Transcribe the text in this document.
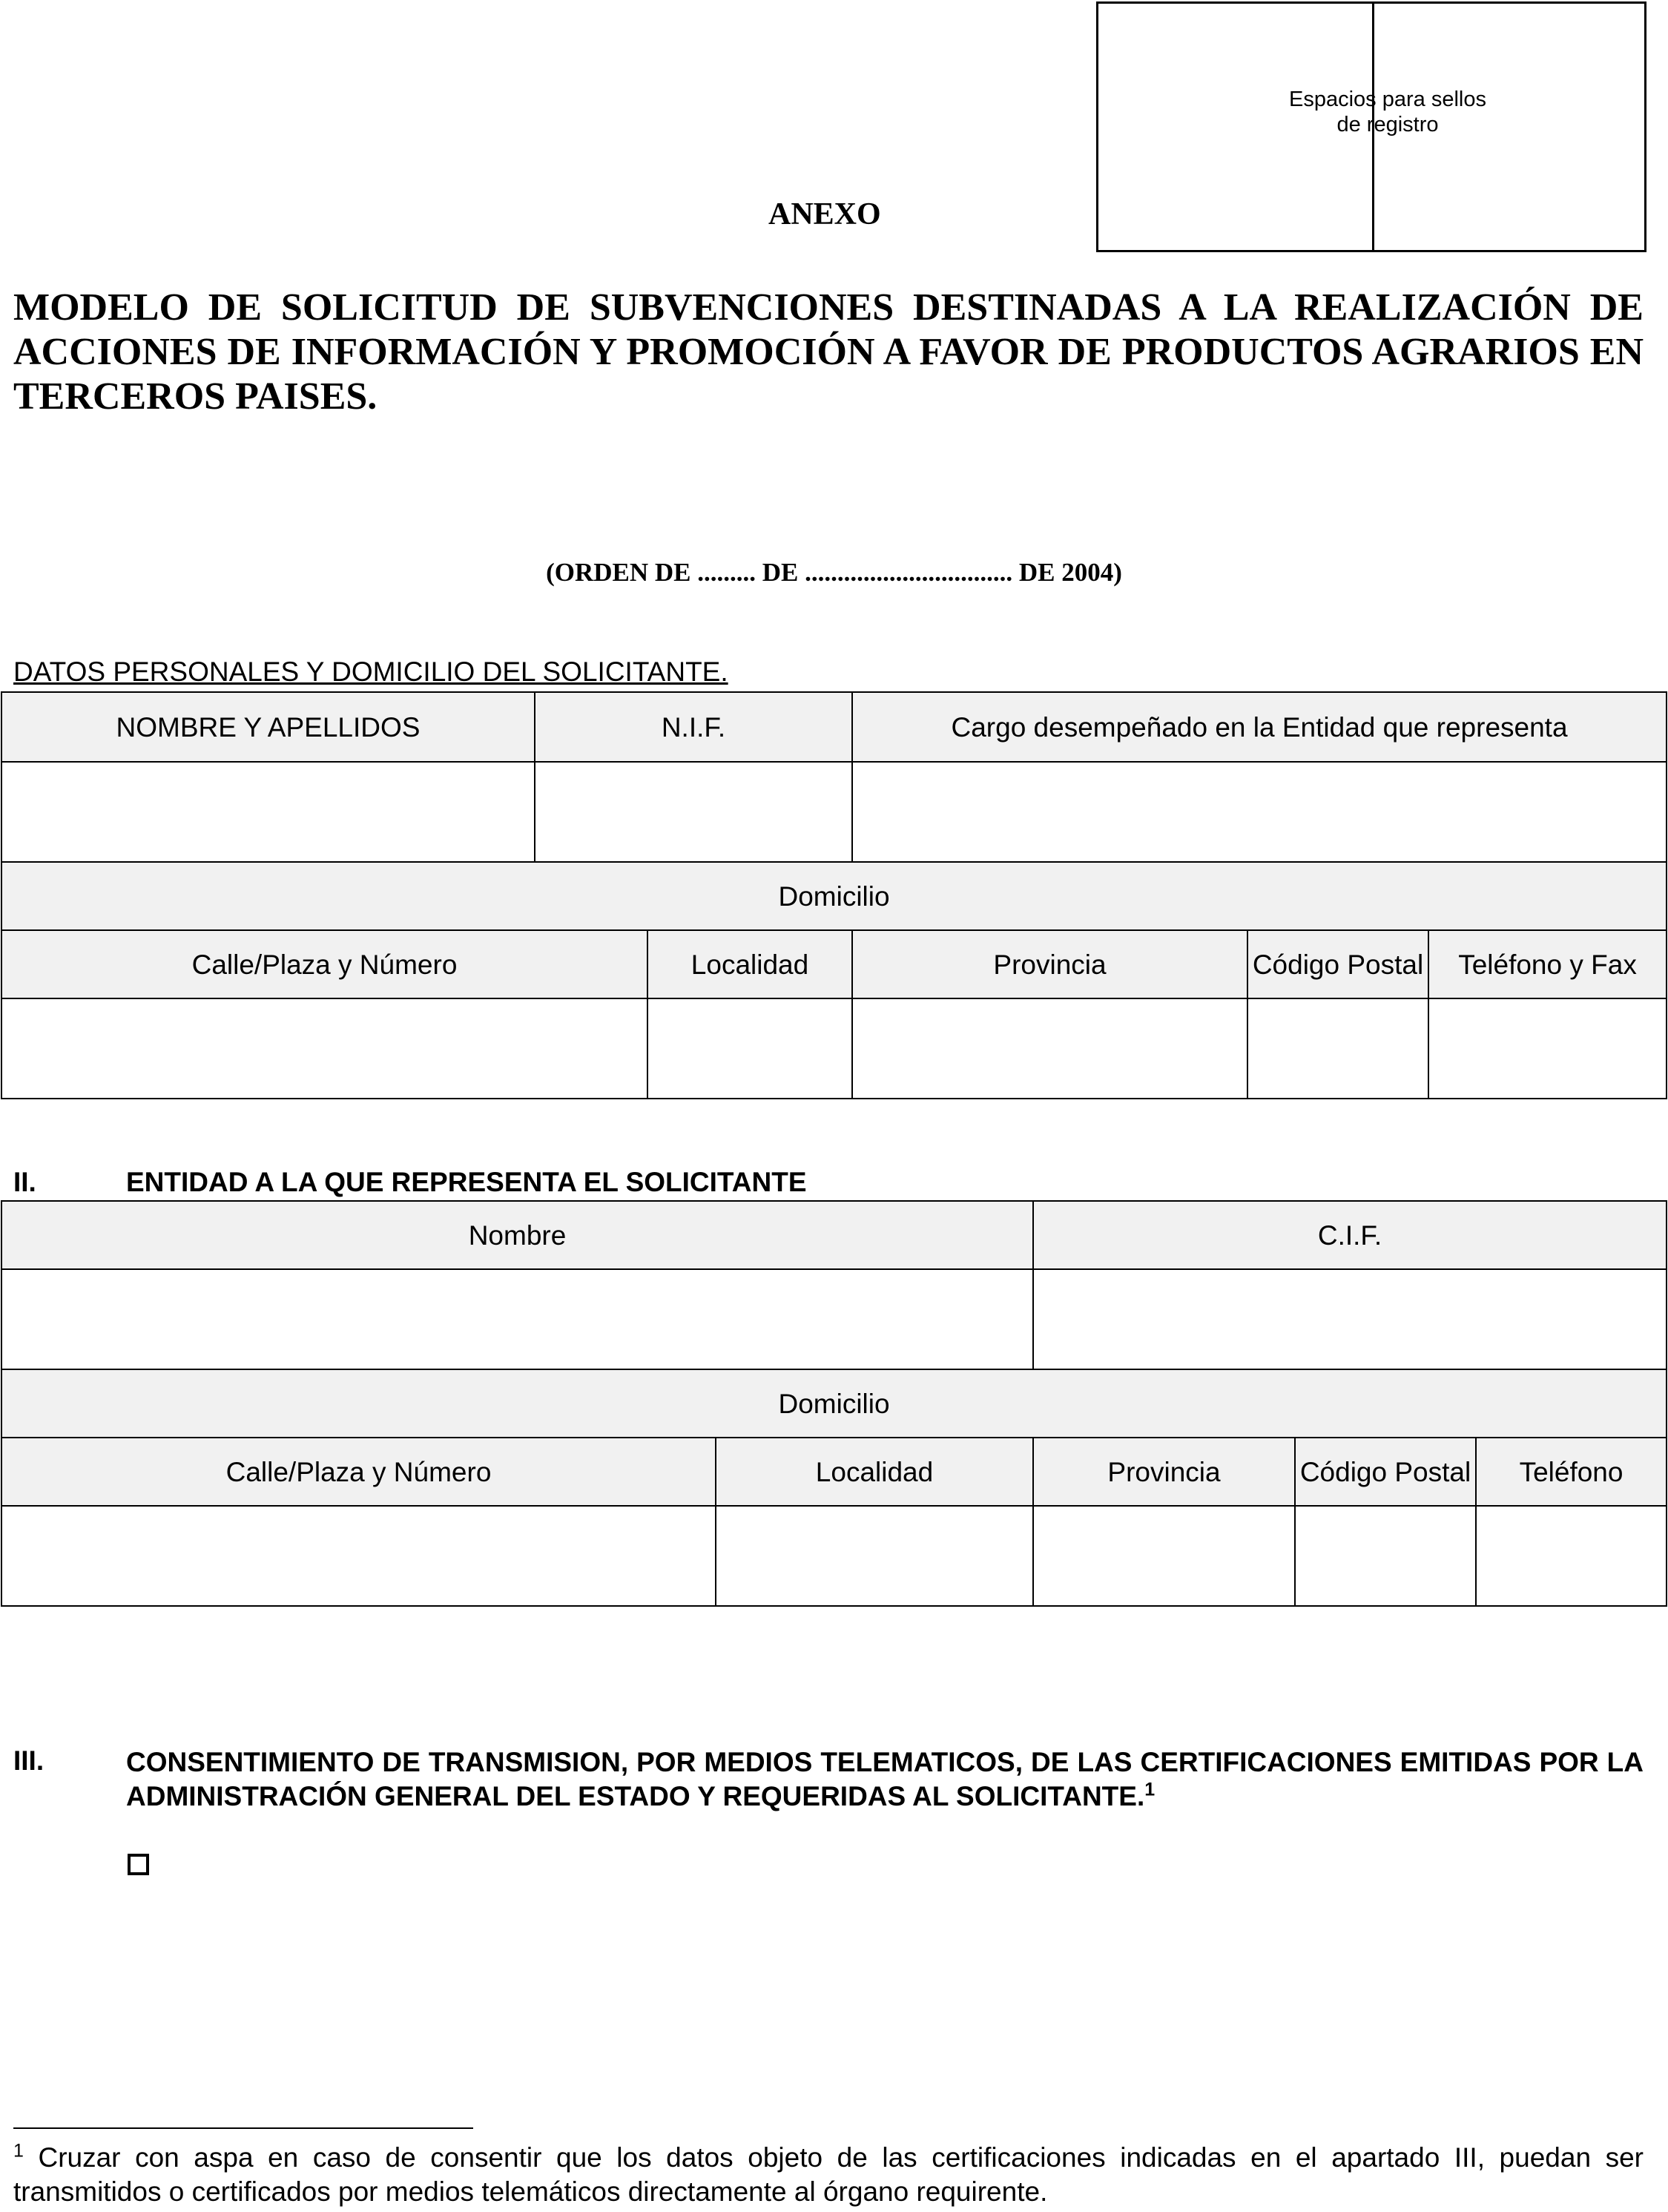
Espacios para sellos
de registro
ANEXO
MODELO DE SOLICITUD DE SUBVENCIONES DESTINADAS A LA REALIZACIÓN DE ACCIONES DE INFORMACIÓN Y PROMOCIÓN A FAVOR DE PRODUCTOS AGRARIOS EN TERCEROS PAISES.
(ORDEN DE ......... DE ................................ DE 2004)
DATOS PERSONALES Y DOMICILIO DEL SOLICITANTE.
NOMBRE Y APELLIDOS	N.I.F.		Cargo desempeñado en la Entidad que representa		

Domicilio					
Calle/Plaza y Número		Localidad	Provincia	Código Postal	Teléfono y Fax

II.	ENTIDAD A LA QUE REPRESENTA EL SOLICITANTE
Nombre		C.I.F.		

Domicilio				
Calle/Plaza y Número	Localidad	Provincia	Código Postal	Teléfono

III.	CONSENTIMIENTO DE TRANSMISION, POR MEDIOS TELEMATICOS, DE LAS CERTIFICACIONES EMITIDAS POR LA ADMINISTRACIÓN GENERAL DEL ESTADO Y REQUERIDAS AL SOLICITANTE.$^1$
$^1$ Cruzar con aspa en caso de consentir que los datos objeto de las certificaciones indicadas en el apartado III, puedan ser transmitidos o certificados por medios telemáticos directamente al órgano requirente.
